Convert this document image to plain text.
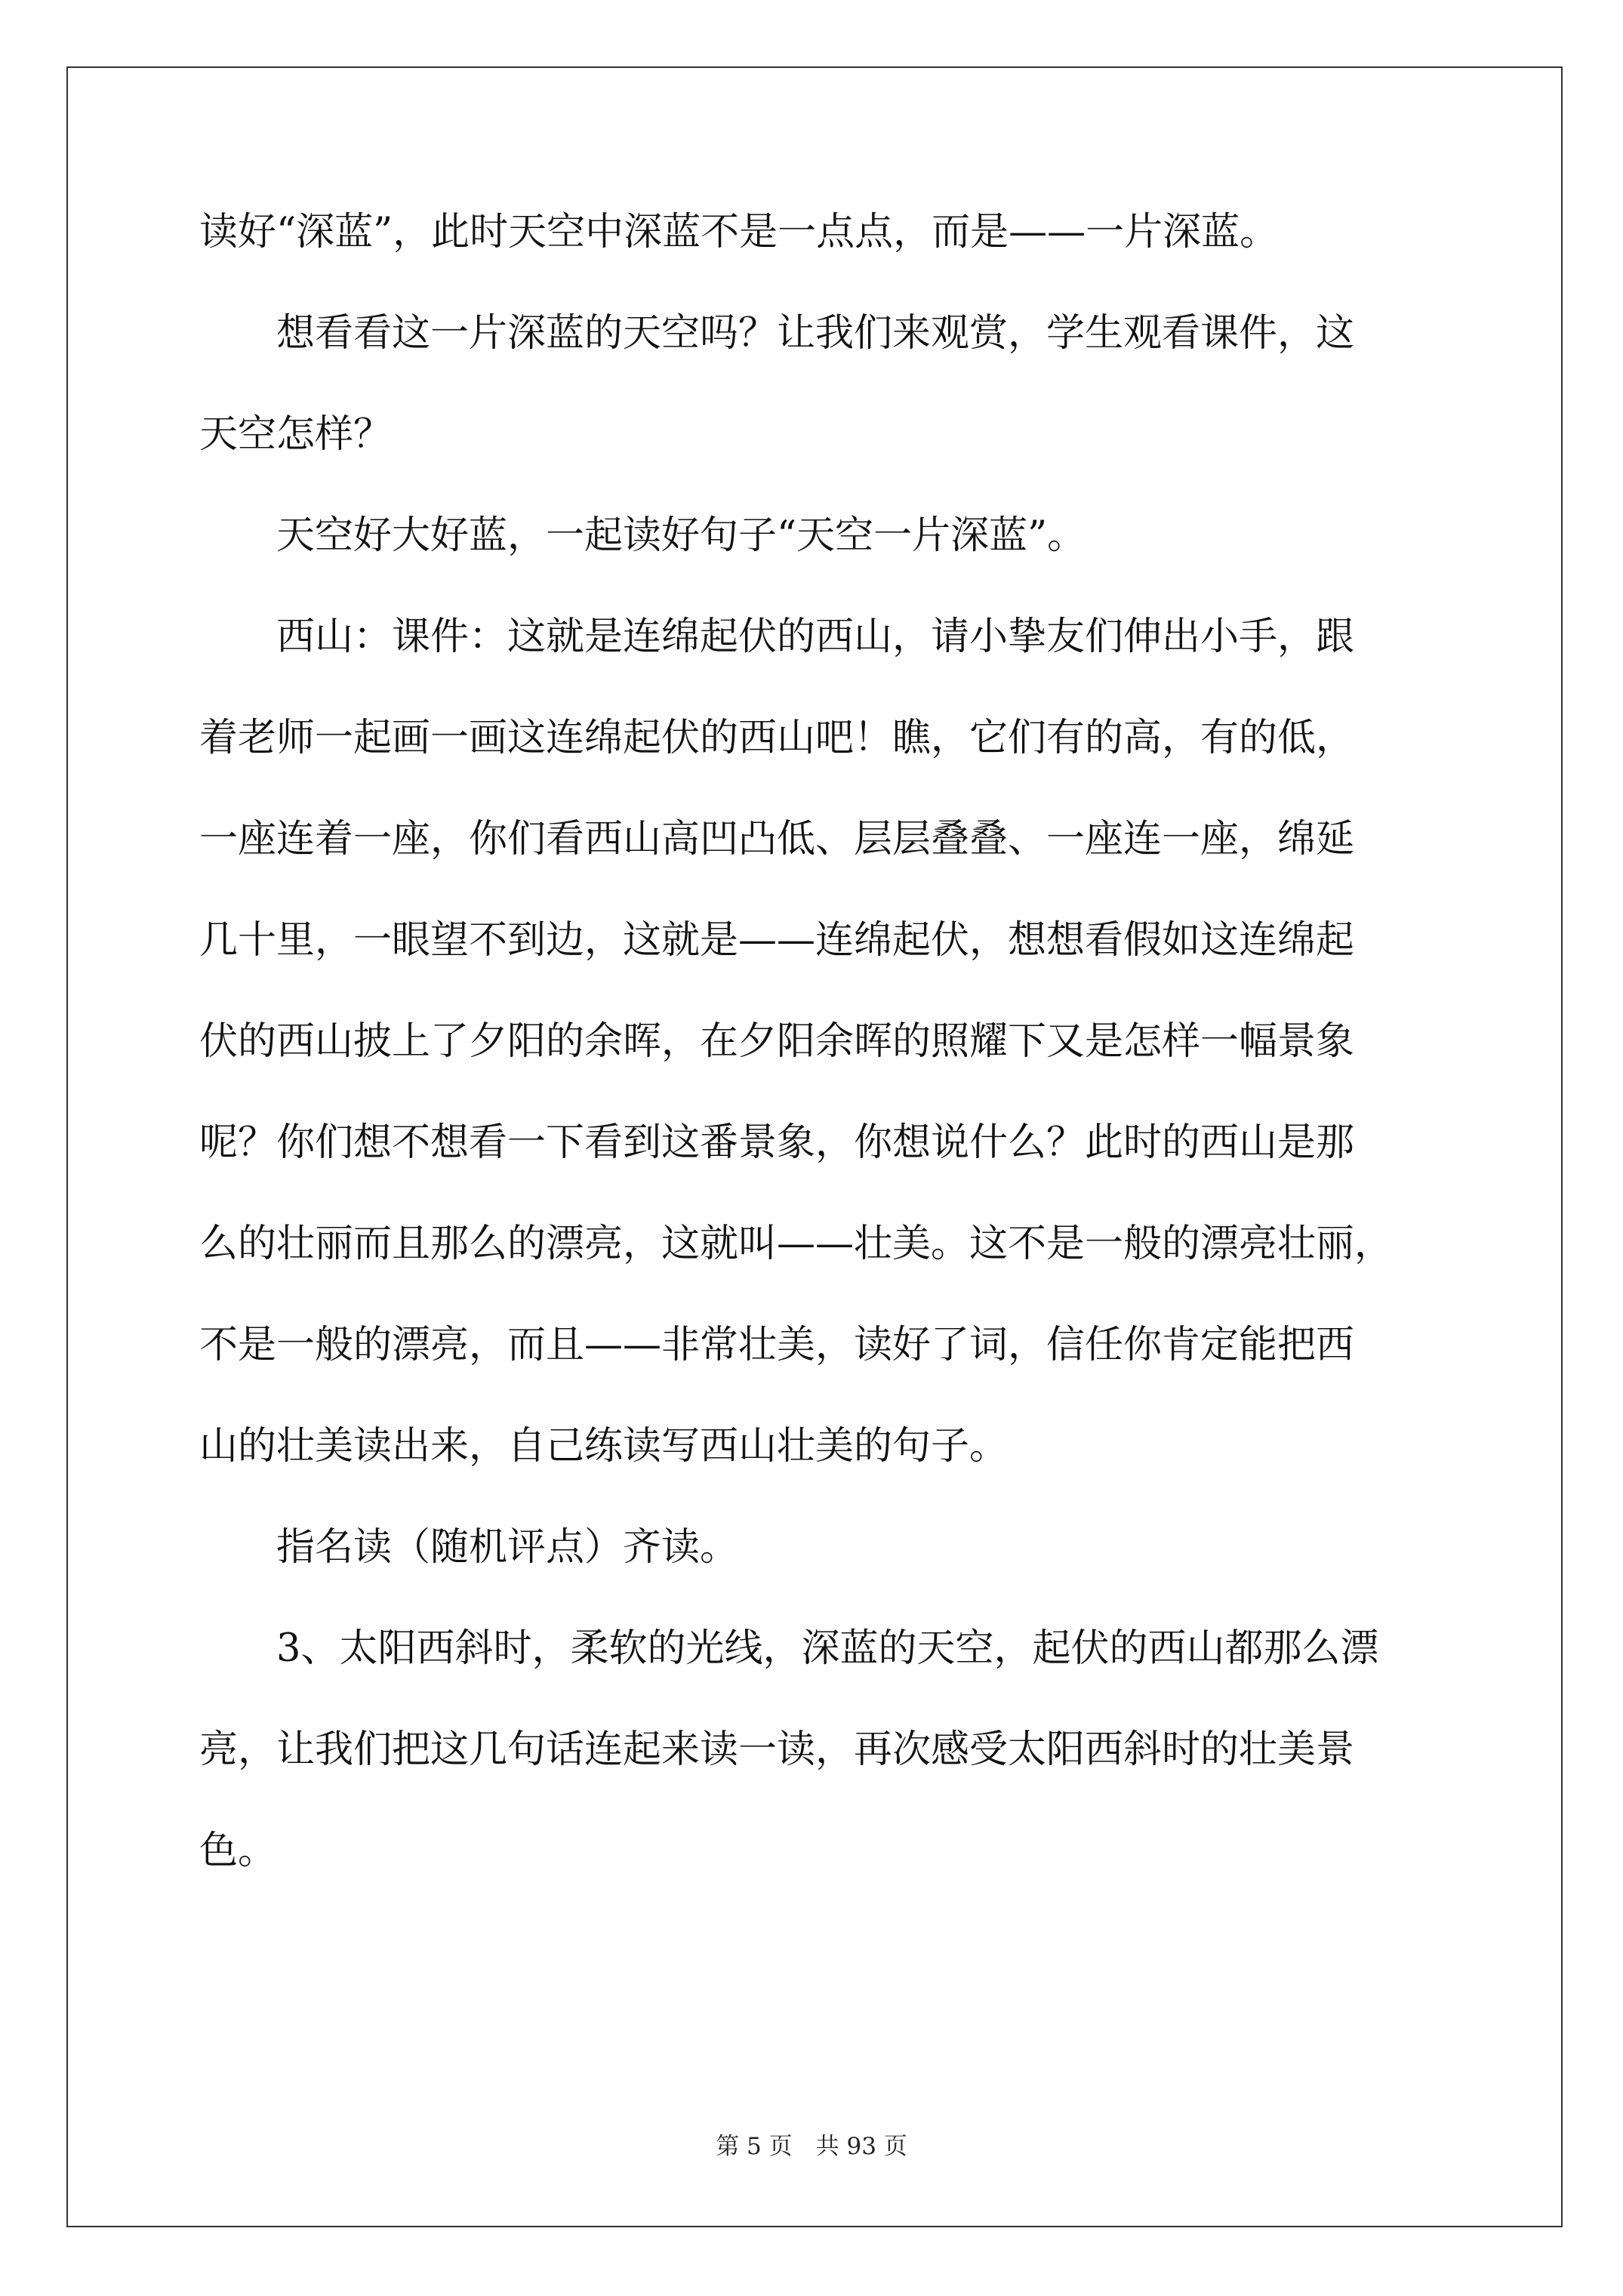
读好“深蓝”，此时天空中深蓝不是一点点，而是——一片深蓝。
　　想看看这一片深蓝的天空吗？让我们来观赏，学生观看课件，这
天空怎样？
　　天空好大好蓝，一起读好句子“天空一片深蓝”。
　　西山：课件：这就是连绵起伏的西山，请小挚友们伸出小手，跟
着老师一起画一画这连绵起伏的西山吧！瞧，它们有的高，有的低，
一座连着一座，你们看西山高凹凸低、层层叠叠、一座连一座，绵延
几十里，一眼望不到边，这就是——连绵起伏，想想看假如这连绵起
伏的西山披上了夕阳的余晖，在夕阳余晖的照耀下又是怎样一幅景象
呢？你们想不想看一下看到这番景象，你想说什么？此时的西山是那
么的壮丽而且那么的漂亮，这就叫——壮美。这不是一般的漂亮壮丽，
不是一般的漂亮，而且——非常壮美，读好了词，信任你肯定能把西
山的壮美读出来，自己练读写西山壮美的句子。
　　指名读（随机评点）齐读。
　　3、太阳西斜时，柔软的光线，深蓝的天空，起伏的西山都那么漂
亮，让我们把这几句话连起来读一读，再次感受太阳西斜时的壮美景
色。
第 5 页　共 93 页
